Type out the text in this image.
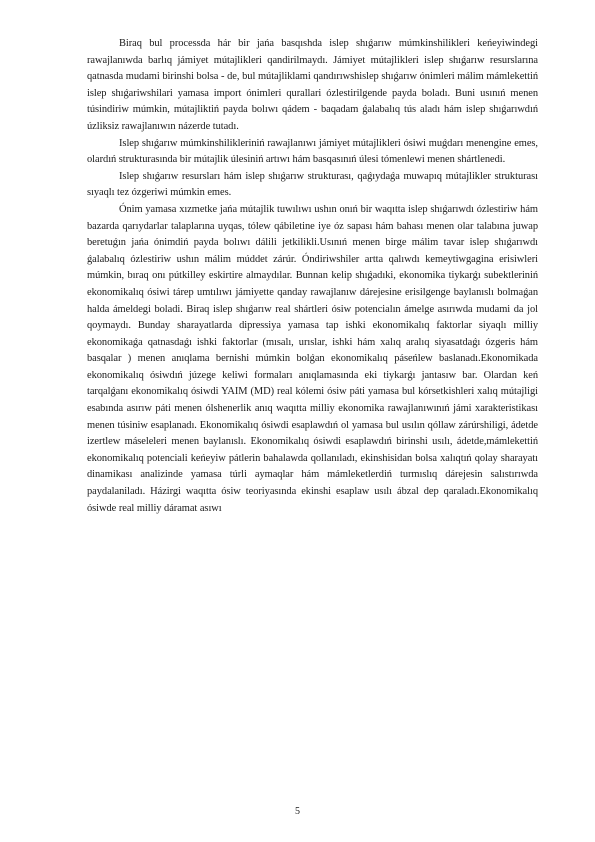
Biraq bul processda hár bir jańa basqıshda islep shıǵarıw múmkinshilikleri keńeyiwindegi rawajlanıwda barlıq jámiyet mútajlikleri qandirilmaydı. Jámiyet mútajlikleri islep shıǵarıw resurslarına qatnasda mudami birinshi bolsa - de, bul mútajliklami qandırıwshislep shıǵarıw ónimleri málim mámlekettiń islep shıǵariwshilari yamasa import ónimleri qurallari ózlestirilgende payda boladı. Buni usınıń menen túsindiriw múmkin, mútajliktiń payda bolıwı qádem - baqadam ǵalabalıq tús aladı hám islep shıǵarıwdıń úzliksiz rawajlanıwın názerde tutadı.

Islep shıǵarıw múmkinshilikleriniń rawajlanıwı jámiyet mútajlikleri ósiwi muǵdarı menengine emes, olardıń strukturasında bir mútajlik úlesiniń artıwı hám basqasınıń úlesi tómenlewi menen shártlenedi.

Islep shıǵarıw resursları hám islep shıǵarıw strukturası, qaǵıydaǵa muwapıq mútajlikler strukturası sıyaqlı tez ózgeriwi múmkin emes.

Ónim yamasa xızmetke jańa mútajlik tuwılıwı ushın onıń bir waqıtta islep shıǵarıwdı ózlestiriw hám bazarda qarıydarlar talaplarına uyqas, tólew qábiletine iye óz sapası hám bahası menen olar talabına juwap beretuǵın jańa ónimdiń payda bolıwı dálili jetkilikli.Usınıń menen birge málim tavar islep shıǵarıwdı ǵalabalıq ózlestiriw ushın málim múddet zárúr. Óndiriwshiler artta qalıwdı kemeytiwgagina erisiwleri múmkin, bıraq onı pútkilley eskirtire almaydılar. Bunnan kelip shıǵadıki, ekonomika tiykarǵı subektleriniń ekonomikalıq ósiwi tárep umtılıwı jámiyette qanday rawajlanıw dárejesine erisilgenge baylanıslı bolmaǵan halda ámeldegi boladi. Biraq islep shıǵarıw real shártleri ósiw potencialın ámelge asırıwda mudami da jol qoymaydı. Bunday sharayatlarda dipressiya yamasa tap ishki ekonomikalıq faktorlar siyaqlı milliy ekonomikaǵa qatnasdaǵı ishki faktorlar (mısalı, urıslar, ishki hám xalıq aralıq siyasatdaǵı ózgeris hám basqalar ) menen anıqlama bernishi múmkin bolǵan ekonomikalıq páseńlew baslanadı.Ekonomikada ekonomikalıq ósiwdıń júzege keliwi formaları anıqlamasında eki tiykarǵı jantasıw bar. Olardan keń tarqalǵanı ekonomikalıq ósiwdi YAIM (MD) real kólemi ósiw páti yamasa bul kórsetkishleri xalıq mútajligi esabında asırıw páti menen ólshenerlik anıq waqıtta milliy ekonomika rawajlanıwınıń jámi xarakteristikası menen túsiniw esaplanadı. Ekonomikalıq ósiwdi esaplawdıń ol yamasa bul usılın qóllaw zárúrshiligi, ádetde izertlew máseleleri menen baylanıslı. Ekonomikalıq ósiwdi esaplawdıń birinshi usılı, ádetde,mámlekettiń ekonomikalıq potenciali keńeyiw pátlerin bahalawda qollanıladı, ekinshisidan bolsa xalıqtıń qolay sharayatı dinamikası analizinde yamasa túrli aymaqlar hám mámleketlerdiń turmıslıq dárejesin salıstırıwda paydalaniladı. Házirgi waqıtta ósiw teoriyasında ekinshi esaplaw usılı ábzal dep qaraladı.Ekonomikalıq ósiwde real milliy dáramat asıwı

5
